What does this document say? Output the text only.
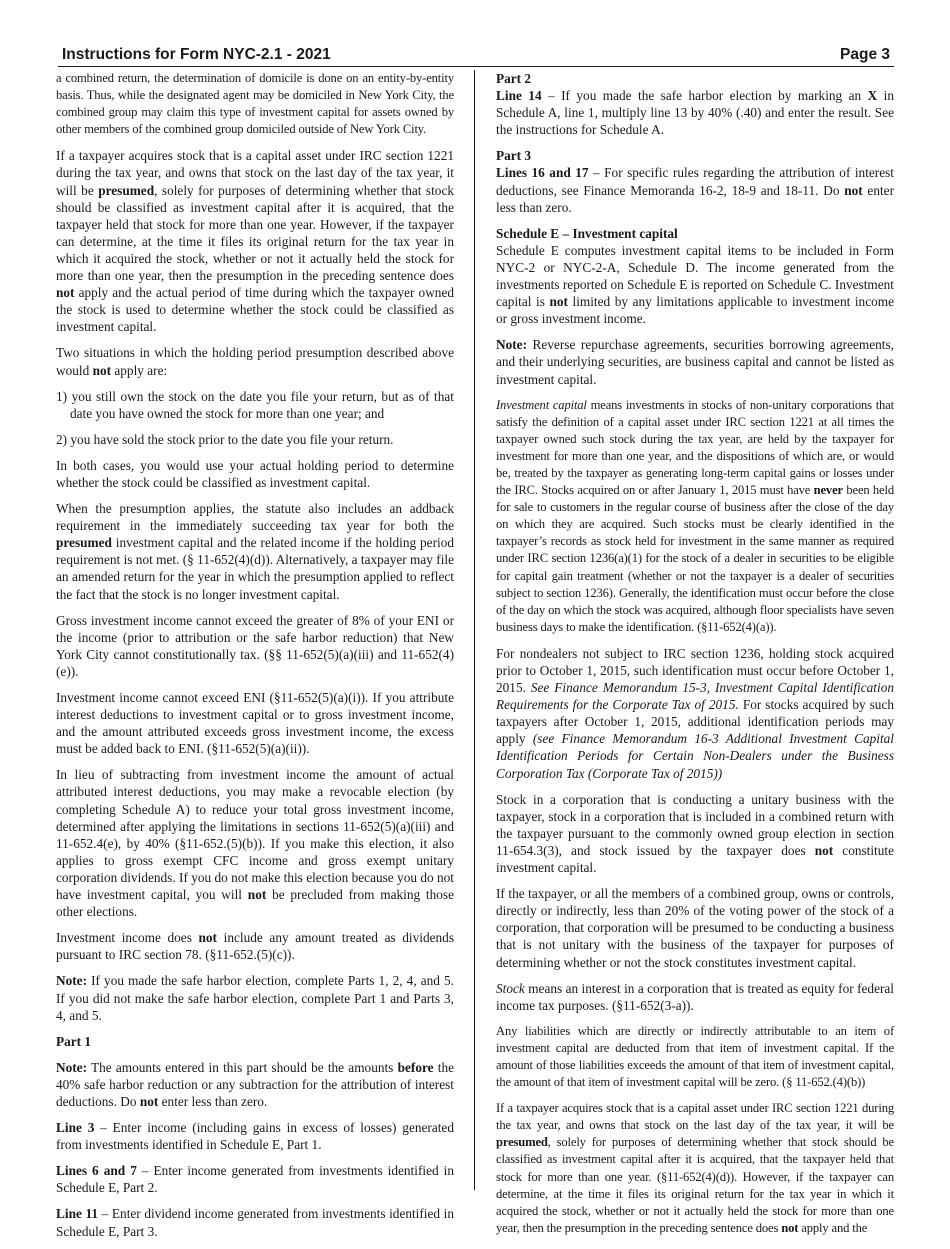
Instructions for Form NYC-2.1 - 2021	Page 3

a combined return, the determination of domicile is done on an entity-by-entity basis. Thus, while the designated agent may be domiciled in New York City, the combined group may claim this type of investment capital for assets owned by other members of the combined group domiciled outside of New York City.

If a taxpayer acquires stock that is a capital asset under IRC section 1221 during the tax year, and owns that stock on the last day of the tax year, it will be presumed, solely for purposes of determining whether that stock should be classified as investment capital after it is acquired, that the taxpayer held that stock for more than one year. However, if the taxpayer can determine, at the time it files its original return for the tax year in which it acquired the stock, whether or not it actually held the stock for more than one year, then the presumption in the preceding sentence does not apply and the actual period of time during which the taxpayer owned the stock is used to determine whether the stock could be classified as investment capital.

Two situations in which the holding period presumption described above would not apply are:

1) you still own the stock on the date you file your return, but as of that date you have owned the stock for more than one year; and

2) you have sold the stock prior to the date you file your return.

In both cases, you would use your actual holding period to determine whether the stock could be classified as investment capital.

When the presumption applies, the statute also includes an addback requirement in the immediately succeeding tax year for both the presumed investment capital and the related income if the holding period requirement is not met. (§ 11-652(4)(d)). Alternatively, a taxpayer may file an amended return for the year in which the presumption applied to reflect the fact that the stock is no longer investment capital.

Gross investment income cannot exceed the greater of 8% of your ENI or the income (prior to attribution or the safe harbor reduction) that New York City cannot constitutionally tax. (§§ 11-652(5)(a)(iii) and 11-652(4)(e)).

Investment income cannot exceed ENI (§11-652(5)(a)(i)). If you attribute interest deductions to investment capital or to gross investment income, and the amount attributed exceeds gross investment income, the excess must be added back to ENI. (§11-652(5)(a)(ii)).

In lieu of subtracting from investment income the amount of actual attributed interest deductions, you may make a revocable election (by completing Schedule A) to reduce your total gross investment income, determined after applying the limitations in sections 11-652(5)(a)(iii) and 11-652.4(e), by 40% (§11-652.(5)(b)). If you make this election, it also applies to gross exempt CFC income and gross exempt unitary corporation dividends. If you do not make this election because you do not have investment capital, you will not be precluded from making those other elections.

Investment income does not include any amount treated as dividends pursuant to IRC section 78. (§11-652.(5)(c)).

Note: If you made the safe harbor election, complete Parts 1, 2, 4, and 5. If you did not make the safe harbor election, complete Part 1 and Parts 3, 4, and 5.

Part 1

Note: The amounts entered in this part should be the amounts before the 40% safe harbor reduction or any subtraction for the attribution of interest deductions. Do not enter less than zero.

Line 3 – Enter income (including gains in excess of losses) generated from investments identified in Schedule E, Part 1.

Lines 6 and 7 – Enter income generated from investments identified in Schedule E, Part 2.

Line 11 – Enter dividend income generated from investments identified in Schedule E, Part 3.

Part 2

Line 14 – If you made the safe harbor election by marking an X in Schedule A, line 1, multiply line 13 by 40% (.40) and enter the result. See the instructions for Schedule A.

Part 3

Lines 16 and 17 – For specific rules regarding the attribution of interest deductions, see Finance Memoranda 16-2, 18-9 and 18-11. Do not enter less than zero.

Schedule E – Investment capital

Schedule E computes investment capital items to be included in Form NYC-2 or NYC-2-A, Schedule D. The income generated from the investments reported on Schedule E is reported on Schedule C. Investment capital is not limited by any limitations applicable to investment income or gross investment income.

Note: Reverse repurchase agreements, securities borrowing agreements, and their underlying securities, are business capital and cannot be listed as investment capital.

Investment capital means investments in stocks of non-unitary corporations that satisfy the definition of a capital asset under IRC section 1221 at all times the taxpayer owned such stock during the tax year, are held by the taxpayer for investment for more than one year, and the dispositions of which are, or would be, treated by the taxpayer as generating long-term capital gains or losses under the IRC. Stocks acquired on or after January 1, 2015 must have never been held for sale to customers in the regular course of business after the close of the day on which they are acquired. Such stocks must be clearly identified in the taxpayer’s records as stock held for investment in the same manner as required under IRC section 1236(a)(1) for the stock of a dealer in securities to be eligible for capital gain treatment (whether or not the taxpayer is a dealer of securities subject to section 1236). Generally, the identification must occur before the close of the day on which the stock was acquired, although floor specialists have seven business days to make the identification. (§11-652(4)(a)).

For nondealers not subject to IRC section 1236, holding stock acquired prior to October 1, 2015, such identification must occur before October 1, 2015. See Finance Memorandum 15-3, Investment Capital Identification Requirements for the Corporate Tax of 2015. For stocks acquired by such taxpayers after October 1, 2015, additional identification periods may apply (see Finance Memorandum 16-3 Additional Investment Capital Identification Periods for Certain Non-Dealers under the Business Corporation Tax (Corporate Tax of 2015))

Stock in a corporation that is conducting a unitary business with the taxpayer, stock in a corporation that is included in a combined return with the taxpayer pursuant to the commonly owned group election in section 11-654.3(3), and stock issued by the taxpayer does not constitute investment capital.

If the taxpayer, or all the members of a combined group, owns or controls, directly or indirectly, less than 20% of the voting power of the stock of a corporation, that corporation will be presumed to be conducting a business that is not unitary with the business of the taxpayer for purposes of determining whether or not the stock constitutes investment capital.

Stock means an interest in a corporation that is treated as equity for federal income tax purposes. (§11-652(3-a)).

Any liabilities which are directly or indirectly attributable to an item of investment capital are deducted from that item of investment capital. If the amount of those liabilities exceeds the amount of that item of investment capital, the amount of that item of investment capital will be zero. (§ 11-652.(4)(b))

If a taxpayer acquires stock that is a capital asset under IRC section 1221 during the tax year, and owns that stock on the last day of the tax year, it will be presumed, solely for purposes of determining whether that stock should be classified as investment capital after it is acquired, that the taxpayer held that stock for more than one year. (§11-652(4)(d)). However, if the taxpayer can determine, at the time it files its original return for the tax year in which it acquired the stock, whether or not it actually held the stock for more than one year, then the presumption in the preceding sentence does not apply and the
